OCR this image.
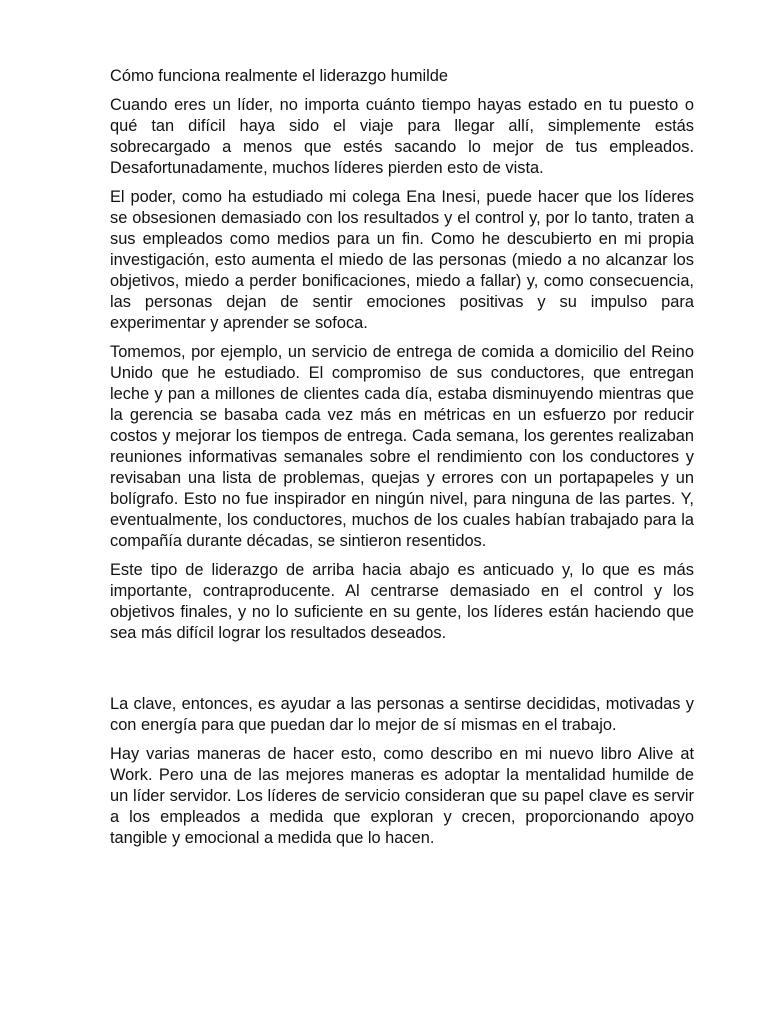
Cómo funciona realmente el liderazgo humilde

Cuando eres un líder, no importa cuánto tiempo hayas estado en tu puesto o qué tan difícil haya sido el viaje para llegar allí, simplemente estás sobrecargado a menos que estés sacando lo mejor de tus empleados. Desafortunadamente, muchos líderes pierden esto de vista.

El poder, como ha estudiado mi colega Ena Inesi, puede hacer que los líderes se obsesionen demasiado con los resultados y el control y, por lo tanto, traten a sus empleados como medios para un fin. Como he descubierto en mi propia investigación, esto aumenta el miedo de las personas (miedo a no alcanzar los objetivos, miedo a perder bonificaciones, miedo a fallar) y, como consecuencia, las personas dejan de sentir emociones positivas y su impulso para experimentar y aprender se sofoca.

Tomemos, por ejemplo, un servicio de entrega de comida a domicilio del Reino Unido que he estudiado. El compromiso de sus conductores, que entregan leche y pan a millones de clientes cada día, estaba disminuyendo mientras que la gerencia se basaba cada vez más en métricas en un esfuerzo por reducir costos y mejorar los tiempos de entrega. Cada semana, los gerentes realizaban reuniones informativas semanales sobre el rendimiento con los conductores y revisaban una lista de problemas, quejas y errores con un portapapeles y un bolígrafo. Esto no fue inspirador en ningún nivel, para ninguna de las partes. Y, eventualmente, los conductores, muchos de los cuales habían trabajado para la compañía durante décadas, se sintieron resentidos.

Este tipo de liderazgo de arriba hacia abajo es anticuado y, lo que es más importante, contraproducente. Al centrarse demasiado en el control y los objetivos finales, y no lo suficiente en su gente, los líderes están haciendo que sea más difícil lograr los resultados deseados.

La clave, entonces, es ayudar a las personas a sentirse decididas, motivadas y con energía para que puedan dar lo mejor de sí mismas en el trabajo.

Hay varias maneras de hacer esto, como describo en mi nuevo libro Alive at Work. Pero una de las mejores maneras es adoptar la mentalidad humilde de un líder servidor. Los líderes de servicio consideran que su papel clave es servir a los empleados a medida que exploran y crecen, proporcionando apoyo tangible y emocional a medida que lo hacen.
